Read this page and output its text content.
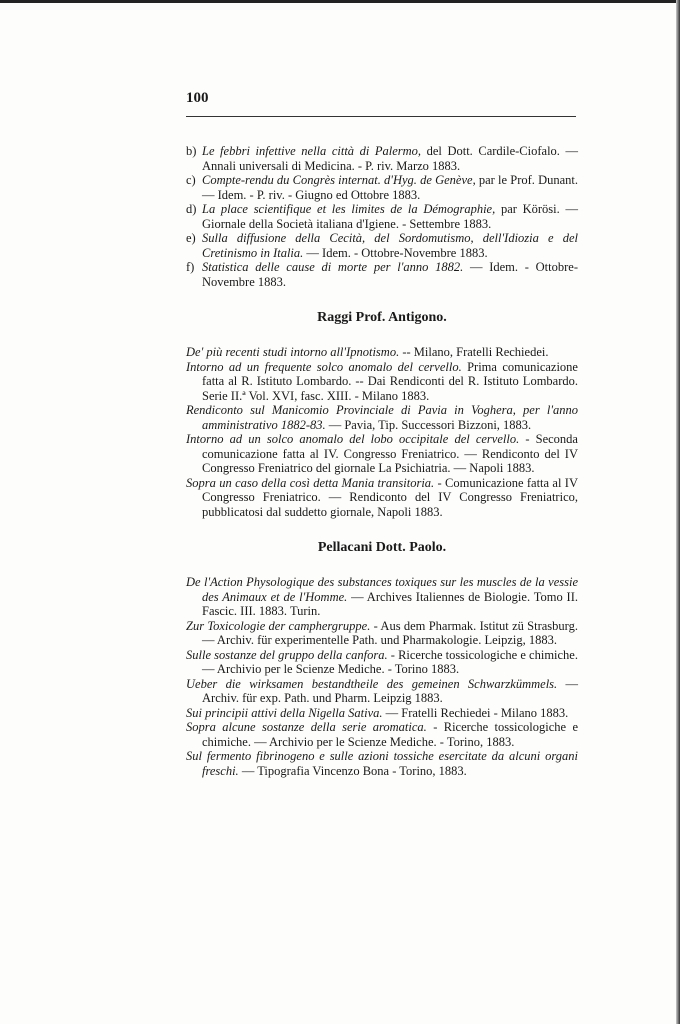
100
b) Le febbri infettive nella città di Palermo, del Dott. Cardile-Ciofalo. — Annali universali di Medicina. - P. riv. Marzo 1883.
c) Compte-rendu du Congrès internat. d'Hyg. de Genève, par le Prof. Dunant. — Idem. - P. riv. - Giugno ed Ottobre 1883.
d) La place scientifique et les limites de la Démographie, par Körösi. — Giornale della Società italiana d'Igiene. - Settembre 1883.
e) Sulla diffusione della Cecità, del Sordomutismo, dell'Idiozia e del Cretinismo in Italia. — Idem. - Ottobre-Novembre 1883.
f) Statistica delle cause di morte per l'anno 1882. — Idem. - Ottobre-Novembre 1883.
Raggi Prof. Antigono.
De' più recenti studi intorno all'Ipnotismo. -- Milano, Fratelli Rechiedei.
Intorno ad un frequente solco anomalo del cervello. Prima comunicazione fatta al R. Istituto Lombardo. -- Dai Rendiconti del R. Istituto Lombardo. Serie II.ª Vol. XVI, fasc. XIII. - Milano 1883.
Rendiconto sul Manicomio Provinciale di Pavia in Voghera, per l'anno amministrativo 1882-83. — Pavia, Tip. Successori Bizzoni, 1883.
Intorno ad un solco anomalo del lobo occipitale del cervello. - Seconda comunicazione fatta al IV. Congresso Freniatrico. — Rendiconto del IV Congresso Freniatrico del giornale La Psichiatria. — Napoli 1883.
Sopra un caso della così detta Mania transitoria. - Comunicazione fatta al IV Congresso Freniatrico. — Rendiconto del IV Congresso Freniatrico, pubblicatosi dal suddetto giornale, Napoli 1883.
Pellacani Dott. Paolo.
De l'Action Physologique des substances toxiques sur les muscles de la vessie des Animaux et de l'Homme. — Archives Italiennes de Biologie. Tomo II. Fascic. III. 1883. Turin.
Zur Toxicologie der camphergruppe. - Aus dem Pharmak. Istitut zü Strasburg. — Archiv. für experimentelle Path. und Pharmakologie. Leipzig, 1883.
Sulle sostanze del gruppo della canfora. - Ricerche tossicologiche e chimiche. — Archivio per le Scienze Mediche. - Torino 1883.
Ueber die wirksamen bestandtheile des gemeinen Schwarzkümmels. — Archiv. für exp. Path. und Pharm. Leipzig 1883.
Sui principii attivi della Nigella Sativa. — Fratelli Rechiedei - Milano 1883.
Sopra alcune sostanze della serie aromatica. - Ricerche tossicologiche e chimiche. — Archivio per le Scienze Mediche. - Torino, 1883.
Sul fermento fibrinogeno e sulle azioni tossiche esercitate da alcuni organi freschi. — Tipografia Vincenzo Bona - Torino, 1883.
